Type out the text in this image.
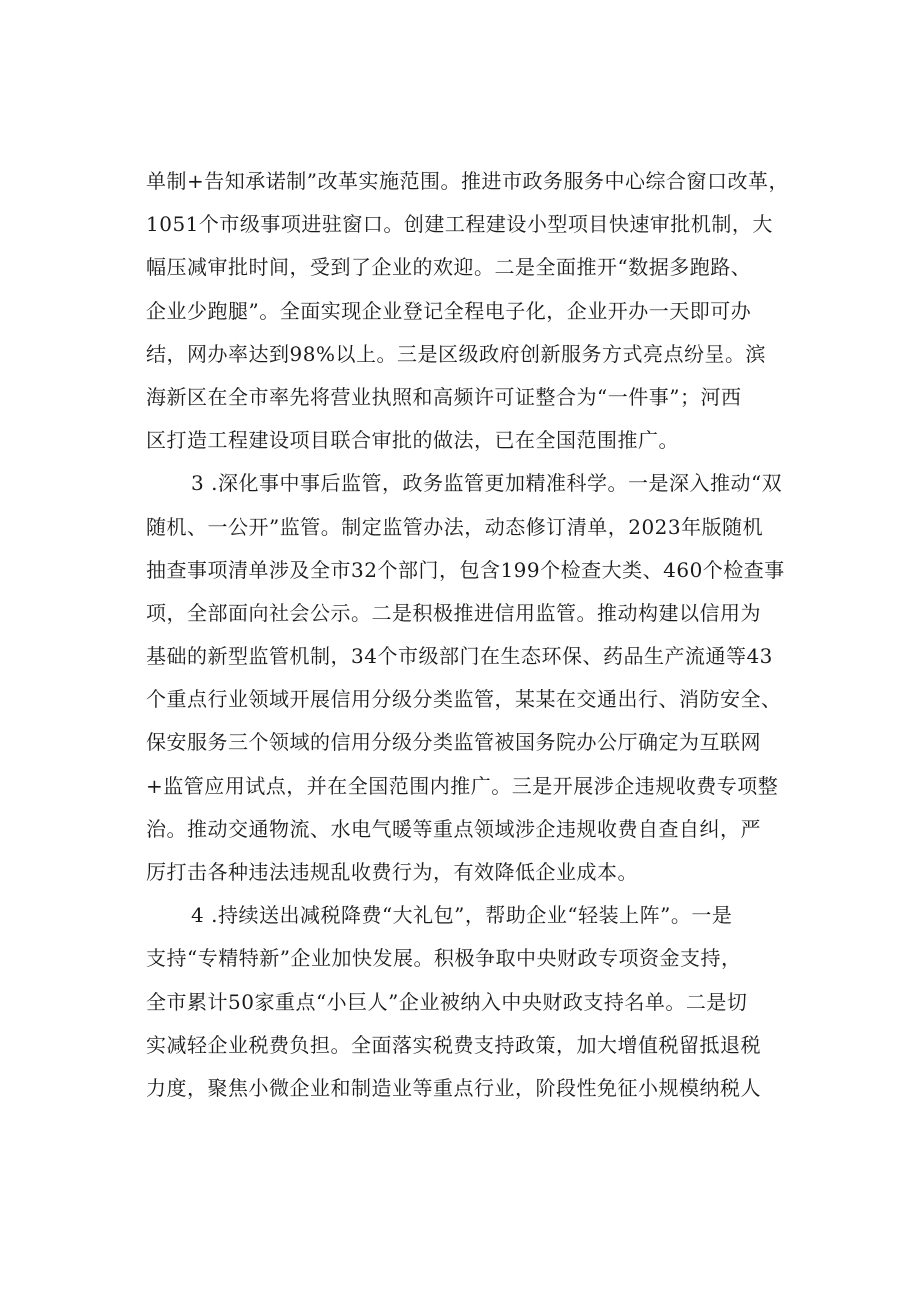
单制+告知承诺制”改革实施范围。推进市政务服务中心综合窗口改革，
1051个市级事项进驻窗口。创建工程建设小型项目快速审批机制，大
幅压减审批时间，受到了企业的欢迎。二是全面推开“数据多跑路、
企业少跑腿”。全面实现企业登记全程电子化，企业开办一天即可办
结，网办率达到98%以上。三是区级政府创新服务方式亮点纷呈。滨
海新区在全市率先将营业执照和高频许可证整合为“一件事”；河西
区打造工程建设项目联合审批的做法，已在全国范围推广。
3 .深化事中事后监管，政务监管更加精准科学。一是深入推动“双
随机、一公开”监管。制定监管办法，动态修订清单，2023年版随机
抽查事项清单涉及全市32个部门，包含199个检查大类、460个检查事
项，全部面向社会公示。二是积极推进信用监管。推动构建以信用为
基础的新型监管机制，34个市级部门在生态环保、药品生产流通等43
个重点行业领域开展信用分级分类监管，某某在交通出行、消防安全、
保安服务三个领域的信用分级分类监管被国务院办公厅确定为互联网
+监管应用试点，并在全国范围内推广。三是开展涉企违规收费专项整
治。推动交通物流、水电气暖等重点领域涉企违规收费自查自纠，严
厉打击各种违法违规乱收费行为，有效降低企业成本。
4 .持续送出减税降费“大礼包”，帮助企业“轻装上阵”。一是
支持“专精特新”企业加快发展。积极争取中央财政专项资金支持，
全市累计50家重点“小巨人”企业被纳入中央财政支持名单。二是切
实减轻企业税费负担。全面落实税费支持政策，加大增值税留抵退税
力度，聚焦小微企业和制造业等重点行业，阶段性免征小规模纳税人
